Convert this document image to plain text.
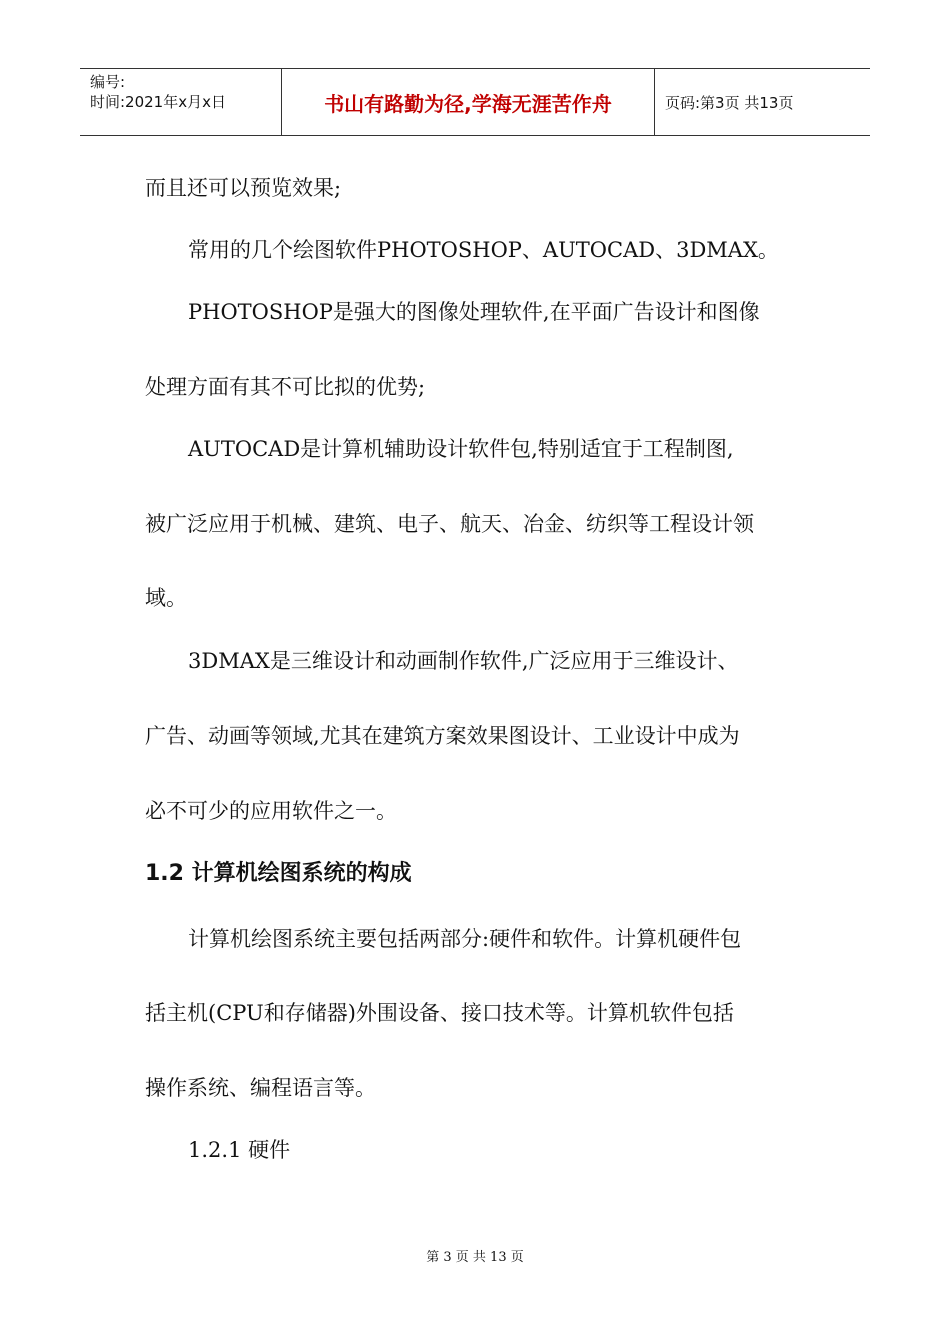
编号:
时间:2021年x月x日	书山有路勤为径,学海无涯苦作舟	页码:第3页 共13页
而且还可以预览效果;
常用的几个绘图软件PHOTOSHOP、AUTOCAD、3DMAX。
PHOTOSHOP是强大的图像处理软件,在平面广告设计和图像
处理方面有其不可比拟的优势;
AUTOCAD是计算机辅助设计软件包,特别适宜于工程制图,
被广泛应用于机械、建筑、电子、航天、冶金、纺织等工程设计领
域。
3DMAX是三维设计和动画制作软件,广泛应用于三维设计、
广告、动画等领域,尤其在建筑方案效果图设计、工业设计中成为
必不可少的应用软件之一。
1.2 计算机绘图系统的构成
计算机绘图系统主要包括两部分:硬件和软件。计算机硬件包
括主机(CPU和存储器)外围设备、接口技术等。计算机软件包括
操作系统、编程语言等。
1.2.1 硬件
第 3 页 共 13 页
